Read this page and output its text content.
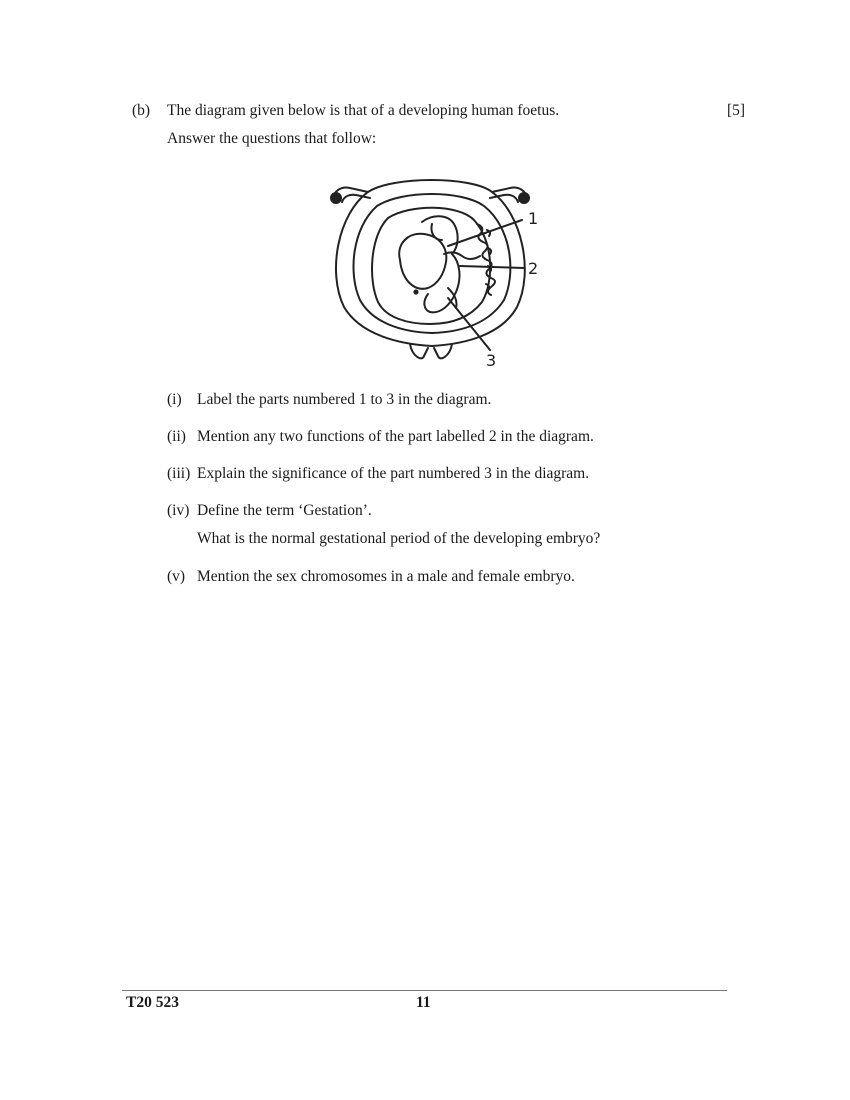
(b) The diagram given below is that of a developing human foetus.	[5]
Answer the questions that follow:
1
2
3
(i) Label the parts numbered 1 to 3 in the diagram.
(ii) Mention any two functions of the part labelled 2 in the diagram.
(iii) Explain the significance of the part numbered 3 in the diagram.
(iv) Define the term ‘Gestation’.
What is the normal gestational period of the developing embryo?
(v) Mention the sex chromosomes in a male and female embryo.
T20 523	11
